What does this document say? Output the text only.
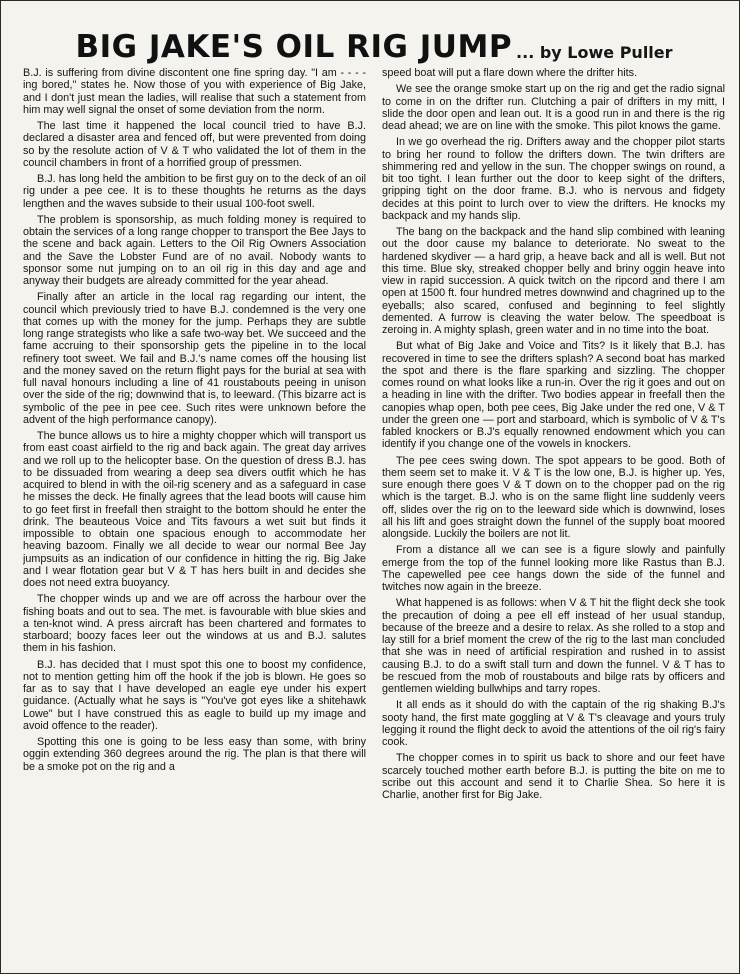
BIG JAKE'S OIL RIG JUMP ... by Lowe Puller

B.J. is suffering from divine discontent one fine spring day. "I am - - - - ing bored," states he. Now those of you with experience of Big Jake, and I don't just mean the ladies, will realise that such a statement from him may well signal the onset of some deviation from the norm.

The last time it happened the local council tried to have B.J. declared a disaster area and fenced off, but were prevented from doing so by the resolute action of V & T who validated the lot of them in the council chambers in front of a horrified group of pressmen.

B.J. has long held the ambition to be first guy on to the deck of an oil rig under a pee cee. It is to these thoughts he returns as the days lengthen and the waves subside to their usual 100-foot swell.

The problem is sponsorship, as much folding money is required to obtain the services of a long range chopper to transport the Bee Jays to the scene and back again. Letters to the Oil Rig Owners Association and the Save the Lobster Fund are of no avail. Nobody wants to sponsor some nut jumping on to an oil rig in this day and age and anyway their budgets are already committed for the year ahead.

Finally after an article in the local rag regarding our intent, the council which previously tried to have B.J. condemned is the very one that comes up with the money for the jump. Perhaps they are subtle long range strategists who like a safe two-way bet. We succeed and the fame accruing to their sponsorship gets the pipeline in to the local refinery toot sweet. We fail and B.J.'s name comes off the housing list and the money saved on the return flight pays for the burial at sea with full naval honours including a line of 41 roustabouts peeing in unison over the side of the rig; downwind that is, to leeward. (This bizarre act is symbolic of the pee in pee cee. Such rites were unknown before the advent of the high performance canopy).

The bunce allows us to hire a mighty chopper which will transport us from east coast airfield to the rig and back again. The great day arrives and we roll up to the helicopter base. On the question of dress B.J. has to be dissuaded from wearing a deep sea divers outfit which he has acquired to blend in with the oil-rig scenery and as a safeguard in case he misses the deck. He finally agrees that the lead boots will cause him to go feet first in freefall then straight to the bottom should he enter the drink. The beauteous Voice and Tits favours a wet suit but finds it impossible to obtain one spacious enough to accommodate her heaving bazoom. Finally we all decide to wear our normal Bee Jay jumpsuits as an indication of our confidence in hitting the rig. Big Jake and I wear flotation gear but V & T has hers built in and decides she does not need extra buoyancy.

The chopper winds up and we are off across the harbour over the fishing boats and out to sea. The met. is favourable with blue skies and a ten-knot wind. A press aircraft has been chartered and formates to starboard; boozy faces leer out the windows at us and B.J. salutes them in his fashion.

B.J. has decided that I must spot this one to boost my confidence, not to mention getting him off the hook if the job is blown. He goes so far as to say that I have developed an eagle eye under his expert guidance. (Actually what he says is "You've got eyes like a shitehawk Lowe" but I have construed this as eagle to build up my image and avoid offence to the reader).

Spotting this one is going to be less easy than some, with briny oggin extending 360 degrees around the rig. The plan is that there will be a smoke pot on the rig and a

speed boat will put a flare down where the drifter hits.

We see the orange smoke start up on the rig and get the radio signal to come in on the drifter run. Clutching a pair of drifters in my mitt, I slide the door open and lean out. It is a good run in and there is the rig dead ahead; we are on line with the smoke. This pilot knows the game.

In we go overhead the rig. Drifters away and the chopper pilot starts to bring her round to follow the drifters down. The twin drifters are shimmering red and yellow in the sun. The chopper swings on round, a bit too tight. I lean further out the door to keep sight of the drifters, gripping tight on the door frame. B.J. who is nervous and fidgety decides at this point to lurch over to view the drifters. He knocks my backpack and my hands slip.

The bang on the backpack and the hand slip combined with leaning out the door cause my balance to deteriorate. No sweat to the hardened skydiver — a hard grip, a heave back and all is well. But not this time. Blue sky, streaked chopper belly and briny oggin heave into view in rapid succession. A quick twitch on the ripcord and there I am open at 1500 ft. four hundred metres downwind and chagrined up to the eyeballs; also scared, confused and beginning to feel slightly demented. A furrow is cleaving the water below. The speedboat is zeroing in. A mighty splash, green water and in no time into the boat.

But what of Big Jake and Voice and Tits? Is it likely that B.J. has recovered in time to see the drifters splash? A second boat has marked the spot and there is the flare sparking and sizzling. The chopper comes round on what looks like a run-in. Over the rig it goes and out on a heading in line with the drifter. Two bodies appear in freefall then the canopies whap open, both pee cees, Big Jake under the red one, V & T under the green one — port and starboard, which is symbolic of V & T's fabled knockers or B.J's equally renowned endowment which you can identify if you change one of the vowels in knockers.

The pee cees swing down. The spot appears to be good. Both of them seem set to make it. V & T is the low one, B.J. is higher up. Yes, sure enough there goes V & T down on to the chopper pad on the rig which is the target. B.J. who is on the same flight line suddenly veers off, slides over the rig on to the leeward side which is downwind, loses all his lift and goes straight down the funnel of the supply boat moored alongside. Luckily the boilers are not lit.

From a distance all we can see is a figure slowly and painfully emerge from the top of the funnel looking more like Rastus than B.J. The capewelled pee cee hangs down the side of the funnel and twitches now again in the breeze.

What happened is as follows: when V & T hit the flight deck she took the precaution of doing a pee ell eff instead of her usual standup, because of the breeze and a desire to relax. As she rolled to a stop and lay still for a brief moment the crew of the rig to the last man concluded that she was in need of artificial respiration and rushed in to assist causing B.J. to do a swift stall turn and down the funnel. V & T has to be rescued from the mob of roustabouts and bilge rats by officers and gentlemen wielding bullwhips and tarry ropes.

It all ends as it should do with the captain of the rig shaking B.J's sooty hand, the first mate goggling at V & T's cleavage and yours truly legging it round the flight deck to avoid the attentions of the oil rig's fairy cook.

The chopper comes in to spirit us back to shore and our feet have scarcely touched mother earth before B.J. is putting the bite on me to scribe out this account and send it to Charlie Shea. So here it is Charlie, another first for Big Jake.
